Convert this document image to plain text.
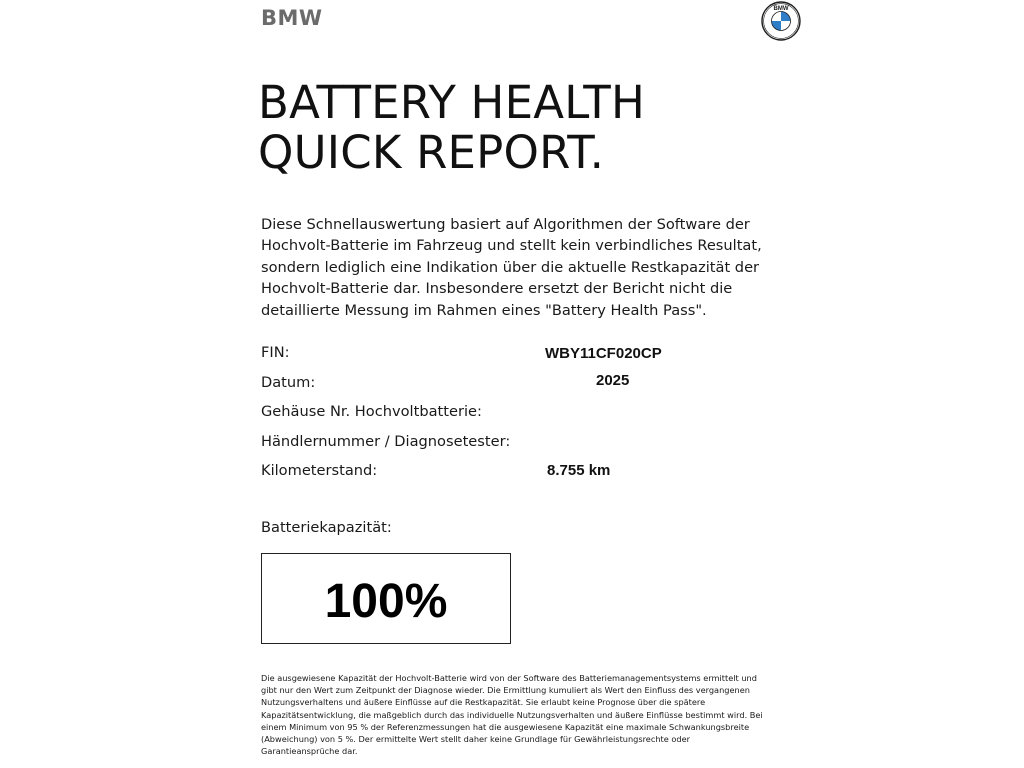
BMW	BMW
BATTERY HEALTH
QUICK REPORT.

Diese Schnellauswertung basiert auf Algorithmen der Software der
Hochvolt-Batterie im Fahrzeug und stellt kein verbindliches Resultat,
sondern lediglich eine Indikation über die aktuelle Restkapazität der
Hochvolt-Batterie dar. Insbesondere ersetzt der Bericht nicht die
detaillierte Messung im Rahmen eines "Battery Health Pass".

FIN:	WBY11CF020CP
Datum:	2025
Gehäuse Nr. Hochvoltbatterie:
Händlernummer / Diagnosetester:
Kilometerstand:	8.755 km
Batteriekapazität:
100%

Die ausgewiesene Kapazität der Hochvolt-Batterie wird von der Software des Batteriemanagementsystems ermittelt und
gibt nur den Wert zum Zeitpunkt der Diagnose wieder. Die Ermittlung kumuliert als Wert den Einfluss des vergangenen
Nutzungsverhaltens und äußere Einflüsse auf die Restkapazität. Sie erlaubt keine Prognose über die spätere
Kapazitätsentwicklung, die maßgeblich durch das individuelle Nutzungsverhalten und äußere Einflüsse bestimmt wird. Bei
einem Minimum von 95 % der Referenzmessungen hat die ausgewiesene Kapazität eine maximale Schwankungsbreite
(Abweichung) von 5 %. Der ermittelte Wert stellt daher keine Grundlage für Gewährleistungsrechte oder
Garantieansprüche dar.
